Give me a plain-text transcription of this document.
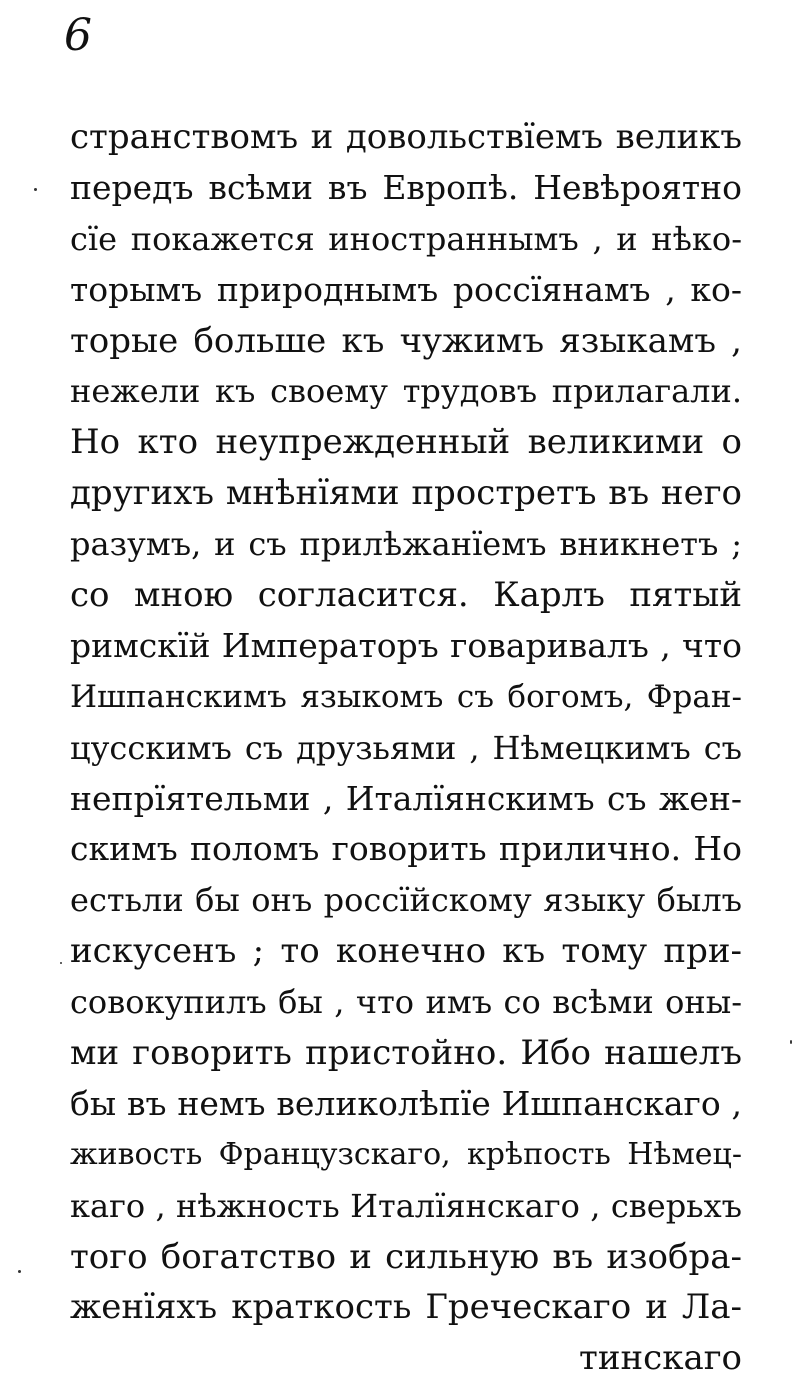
6
странствомъ и довольствїемъ великъ
передъ всѣми въ Европѣ. Невѣроятно
сїе покажется иностраннымъ , и нѣко-
торымъ природнымъ россїянамъ , ко-
торые больше къ чужимъ языкамъ ,
нежели къ своему трудовъ прилагали.
Но кто неупрежденный великими о
другихъ мнѣнїями простретъ въ него
разумъ, и съ прилѣжанїемъ вникнетъ ;
со мною согласится. Карлъ пятый
римскїй Императоръ говаривалъ , что
Ишпанскимъ языкомъ съ богомъ, Фран-
цусскимъ съ друзьями , Нѣмецкимъ съ
непрїятельми , Италїянскимъ съ жен-
скимъ поломъ говорить прилично. Но
естьли бы онъ россїйскому языку былъ
искусенъ ; то конечно къ тому при-
совокупилъ бы , что имъ со всѣми оны-
ми говорить пристойно. Ибо нашелъ
бы въ немъ великолѣпїе Ишпанскаго ,
живость Французскаго, крѣпость Нѣмец-
каго , нѣжность Италїянскаго , сверьхъ
того богатство и сильную въ изобра-
женїяхъ краткость Греческаго и Ла-
тинскаго
